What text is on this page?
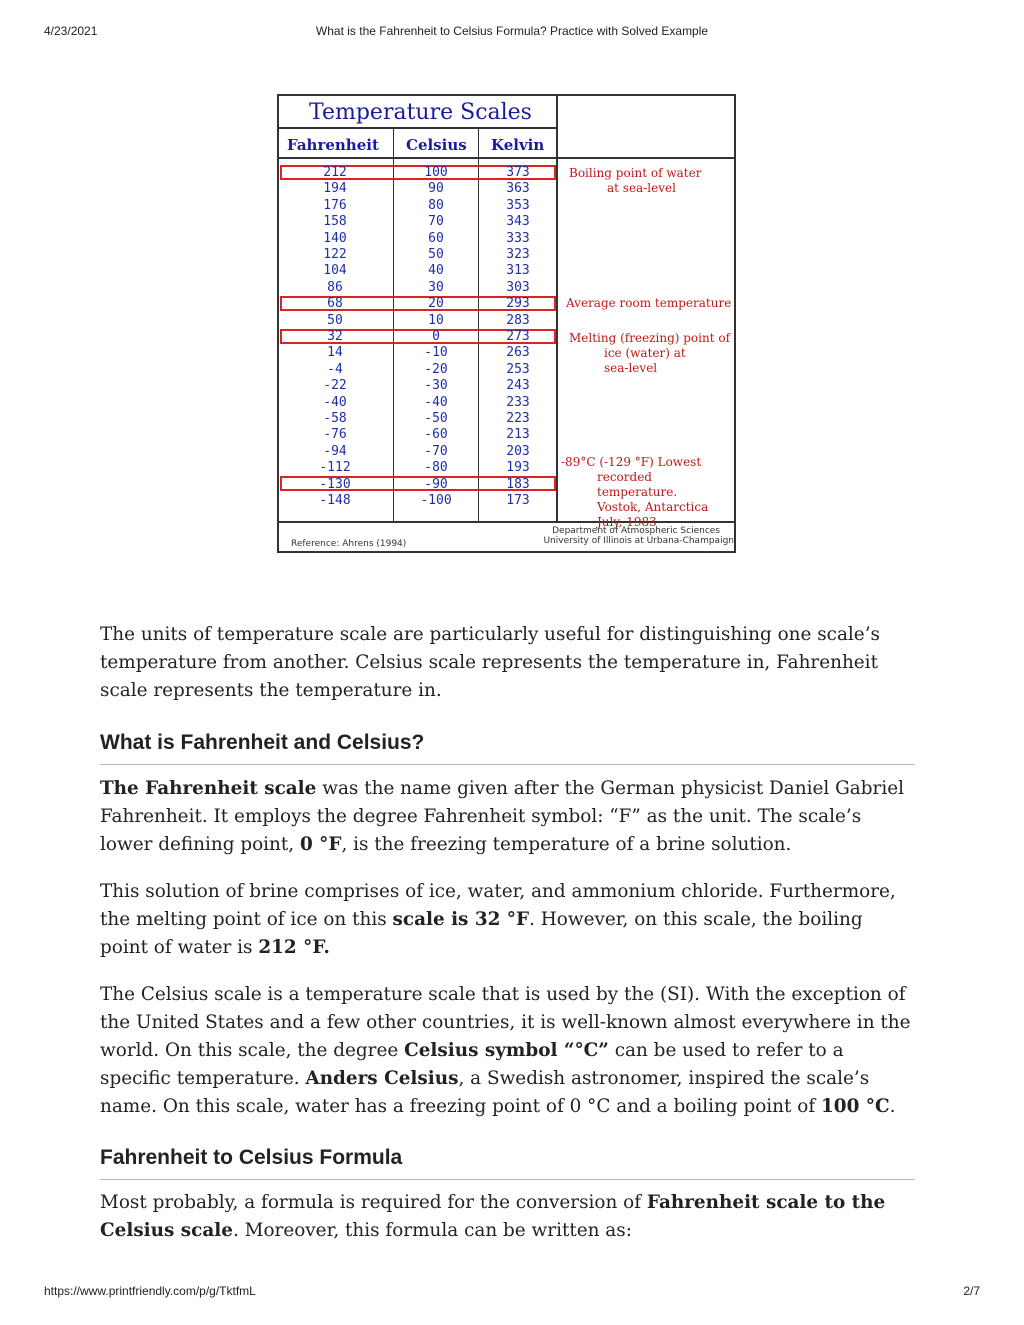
4/23/2021	What is the Fahrenheit to Celsius Formula? Practice with Solved Example
Temperature Scales
Fahrenheit Celsius Kelvin
212	100	373
194	90	363
176	80	353
158	70	343
140	60	333
122	50	323
104	40	313
86	30	303
68	20	293
50	10	283
32	0	273
14	-10	263
-4	-20	253
-22	-30	243
-40	-40	233
-58	-50	223
-76	-60	213
-94	-70	203
-112	-80	193
-130	-90	183
-148	-100	173
Boiling point of water
at sea-level
Average room temperature
Melting (freezing) point of
ice (water) at
sea-level
-89°C (-129 °F) Lowest
recorded temperature.
Vostok, Antarctica
July, 1983
Reference: Ahrens (1994)
Department of Atmospheric Sciences
University of Illinois at Urbana-Champaign

The units of temperature scale are particularly useful for distinguishing one scale’s temperature from another. Celsius scale represents the temperature in, Fahrenheit scale represents the temperature in.

What is Fahrenheit and Celsius?

The Fahrenheit scale was the name given after the German physicist Daniel Gabriel Fahrenheit. It employs the degree Fahrenheit symbol: “F” as the unit. The scale’s lower defining point, 0 °F, is the freezing temperature of a brine solution.

This solution of brine comprises of ice, water, and ammonium chloride. Furthermore, the melting point of ice on this scale is 32 °F. However, on this scale, the boiling point of water is 212 °F.

The Celsius scale is a temperature scale that is used by the (SI). With the exception of the United States and a few other countries, it is well-known almost everywhere in the world. On this scale, the degree Celsius symbol “°C” can be used to refer to a specific temperature. Anders Celsius, a Swedish astronomer, inspired the scale’s name. On this scale, water has a freezing point of 0 °C and a boiling point of 100 °C.

Fahrenheit to Celsius Formula

Most probably, a formula is required for the conversion of Fahrenheit scale to the Celsius scale. Moreover, this formula can be written as:

https://www.printfriendly.com/p/g/TktfmL	2/7
